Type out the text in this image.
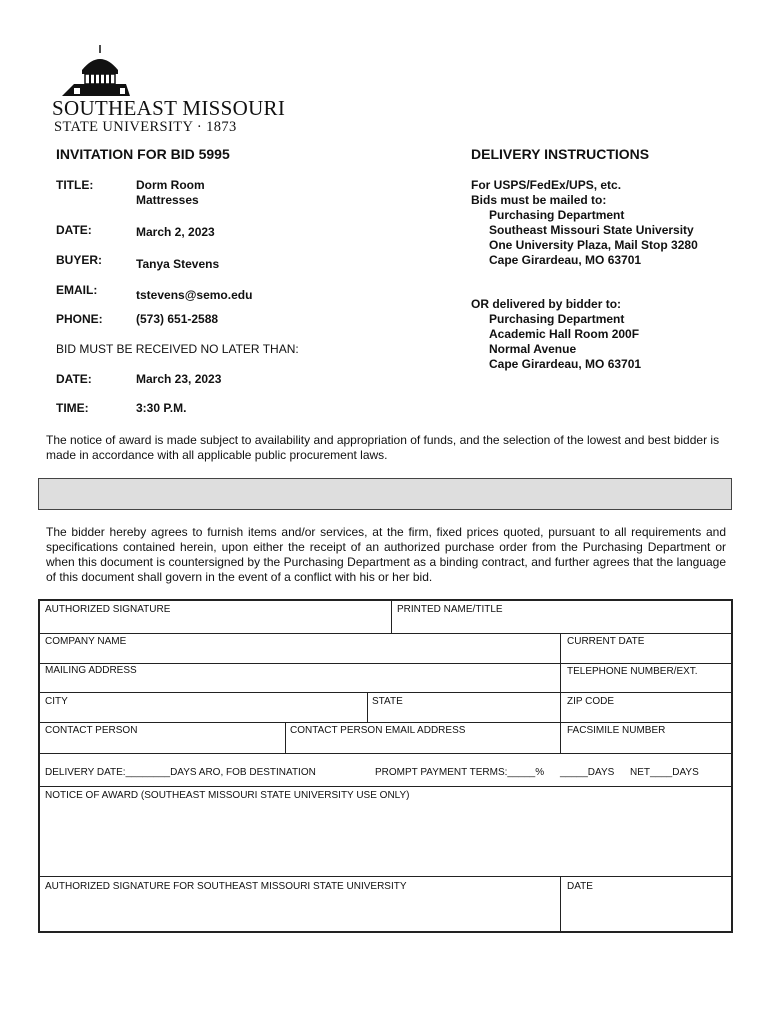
SOUTHEAST MISSOURI
STATE UNIVERSITY · 1873
INVITATION FOR BID 5995
TITLE:	Dorm Room
Mattresses
DATE:	March 2, 2023
BUYER:	Tanya Stevens
EMAIL:	tstevens@semo.edu
PHONE:	(573) 651-2588
BID MUST BE RECEIVED NO LATER THAN:
DATE:	March 23, 2023
TIME:	3:30 P.M.
DELIVERY INSTRUCTIONS
For USPS/FedEx/UPS, etc.
Bids must be mailed to:
Purchasing Department
Southeast Missouri State University
One University Plaza, Mail Stop 3280
Cape Girardeau, MO 63701
OR delivered by bidder to:
Purchasing Department
Academic Hall Room 200F
Normal Avenue
Cape Girardeau, MO 63701
The notice of award is made subject to availability and appropriation of funds, and the selection of the lowest and best bidder is made in accordance with all applicable public procurement laws.
The bidder hereby agrees to furnish items and/or services, at the firm, fixed prices quoted, pursuant to all requirements and specifications contained herein, upon either the receipt of an authorized purchase order from the Purchasing Department or when this document is countersigned by the Purchasing Department as a binding contract, and further agrees that the language of this document shall govern in the event of a conflict with his or her bid.
AUTHORIZED SIGNATURE	PRINTED NAME/TITLE
COMPANY NAME	CURRENT DATE
MAILING ADDRESS	TELEPHONE NUMBER/EXT.
CITY	STATE	ZIP CODE
CONTACT PERSON	CONTACT PERSON EMAIL ADDRESS	FACSIMILE NUMBER
DELIVERY DATE:________DAYS ARO, FOB DESTINATION	PROMPT PAYMENT TERMS:_____% _____DAYS NET____DAYS
NOTICE OF AWARD (SOUTHEAST MISSOURI STATE UNIVERSITY USE ONLY)
AUTHORIZED SIGNATURE FOR SOUTHEAST MISSOURI STATE UNIVERSITY	DATE
